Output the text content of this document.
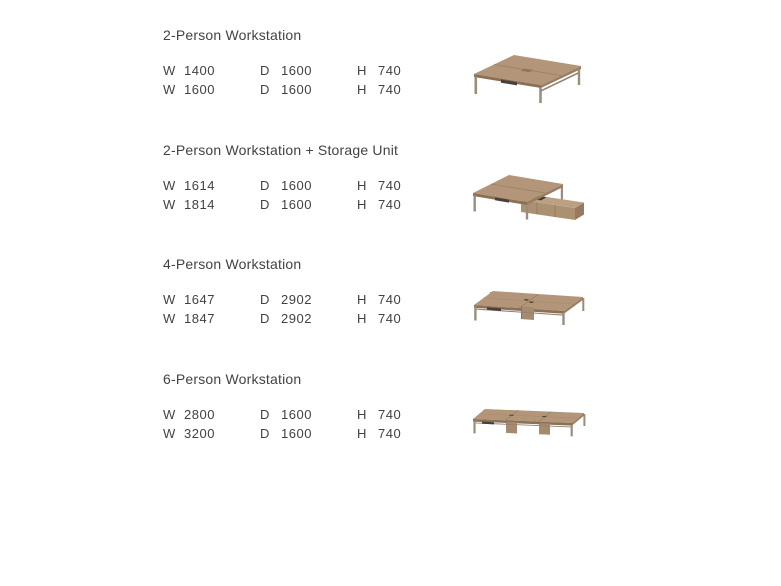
2-Person Workstation
W 1400	D 1600	H 740
W 1600	D 1600	H 740
2-Person Workstation + Storage Unit
W 1614	D 1600	H 740
W 1814	D 1600	H 740
4-Person Workstation
W 1647	D 2902	H 740
W 1847	D 2902	H 740
6-Person Workstation
W 2800	D 1600	H 740
W 3200	D 1600	H 740
